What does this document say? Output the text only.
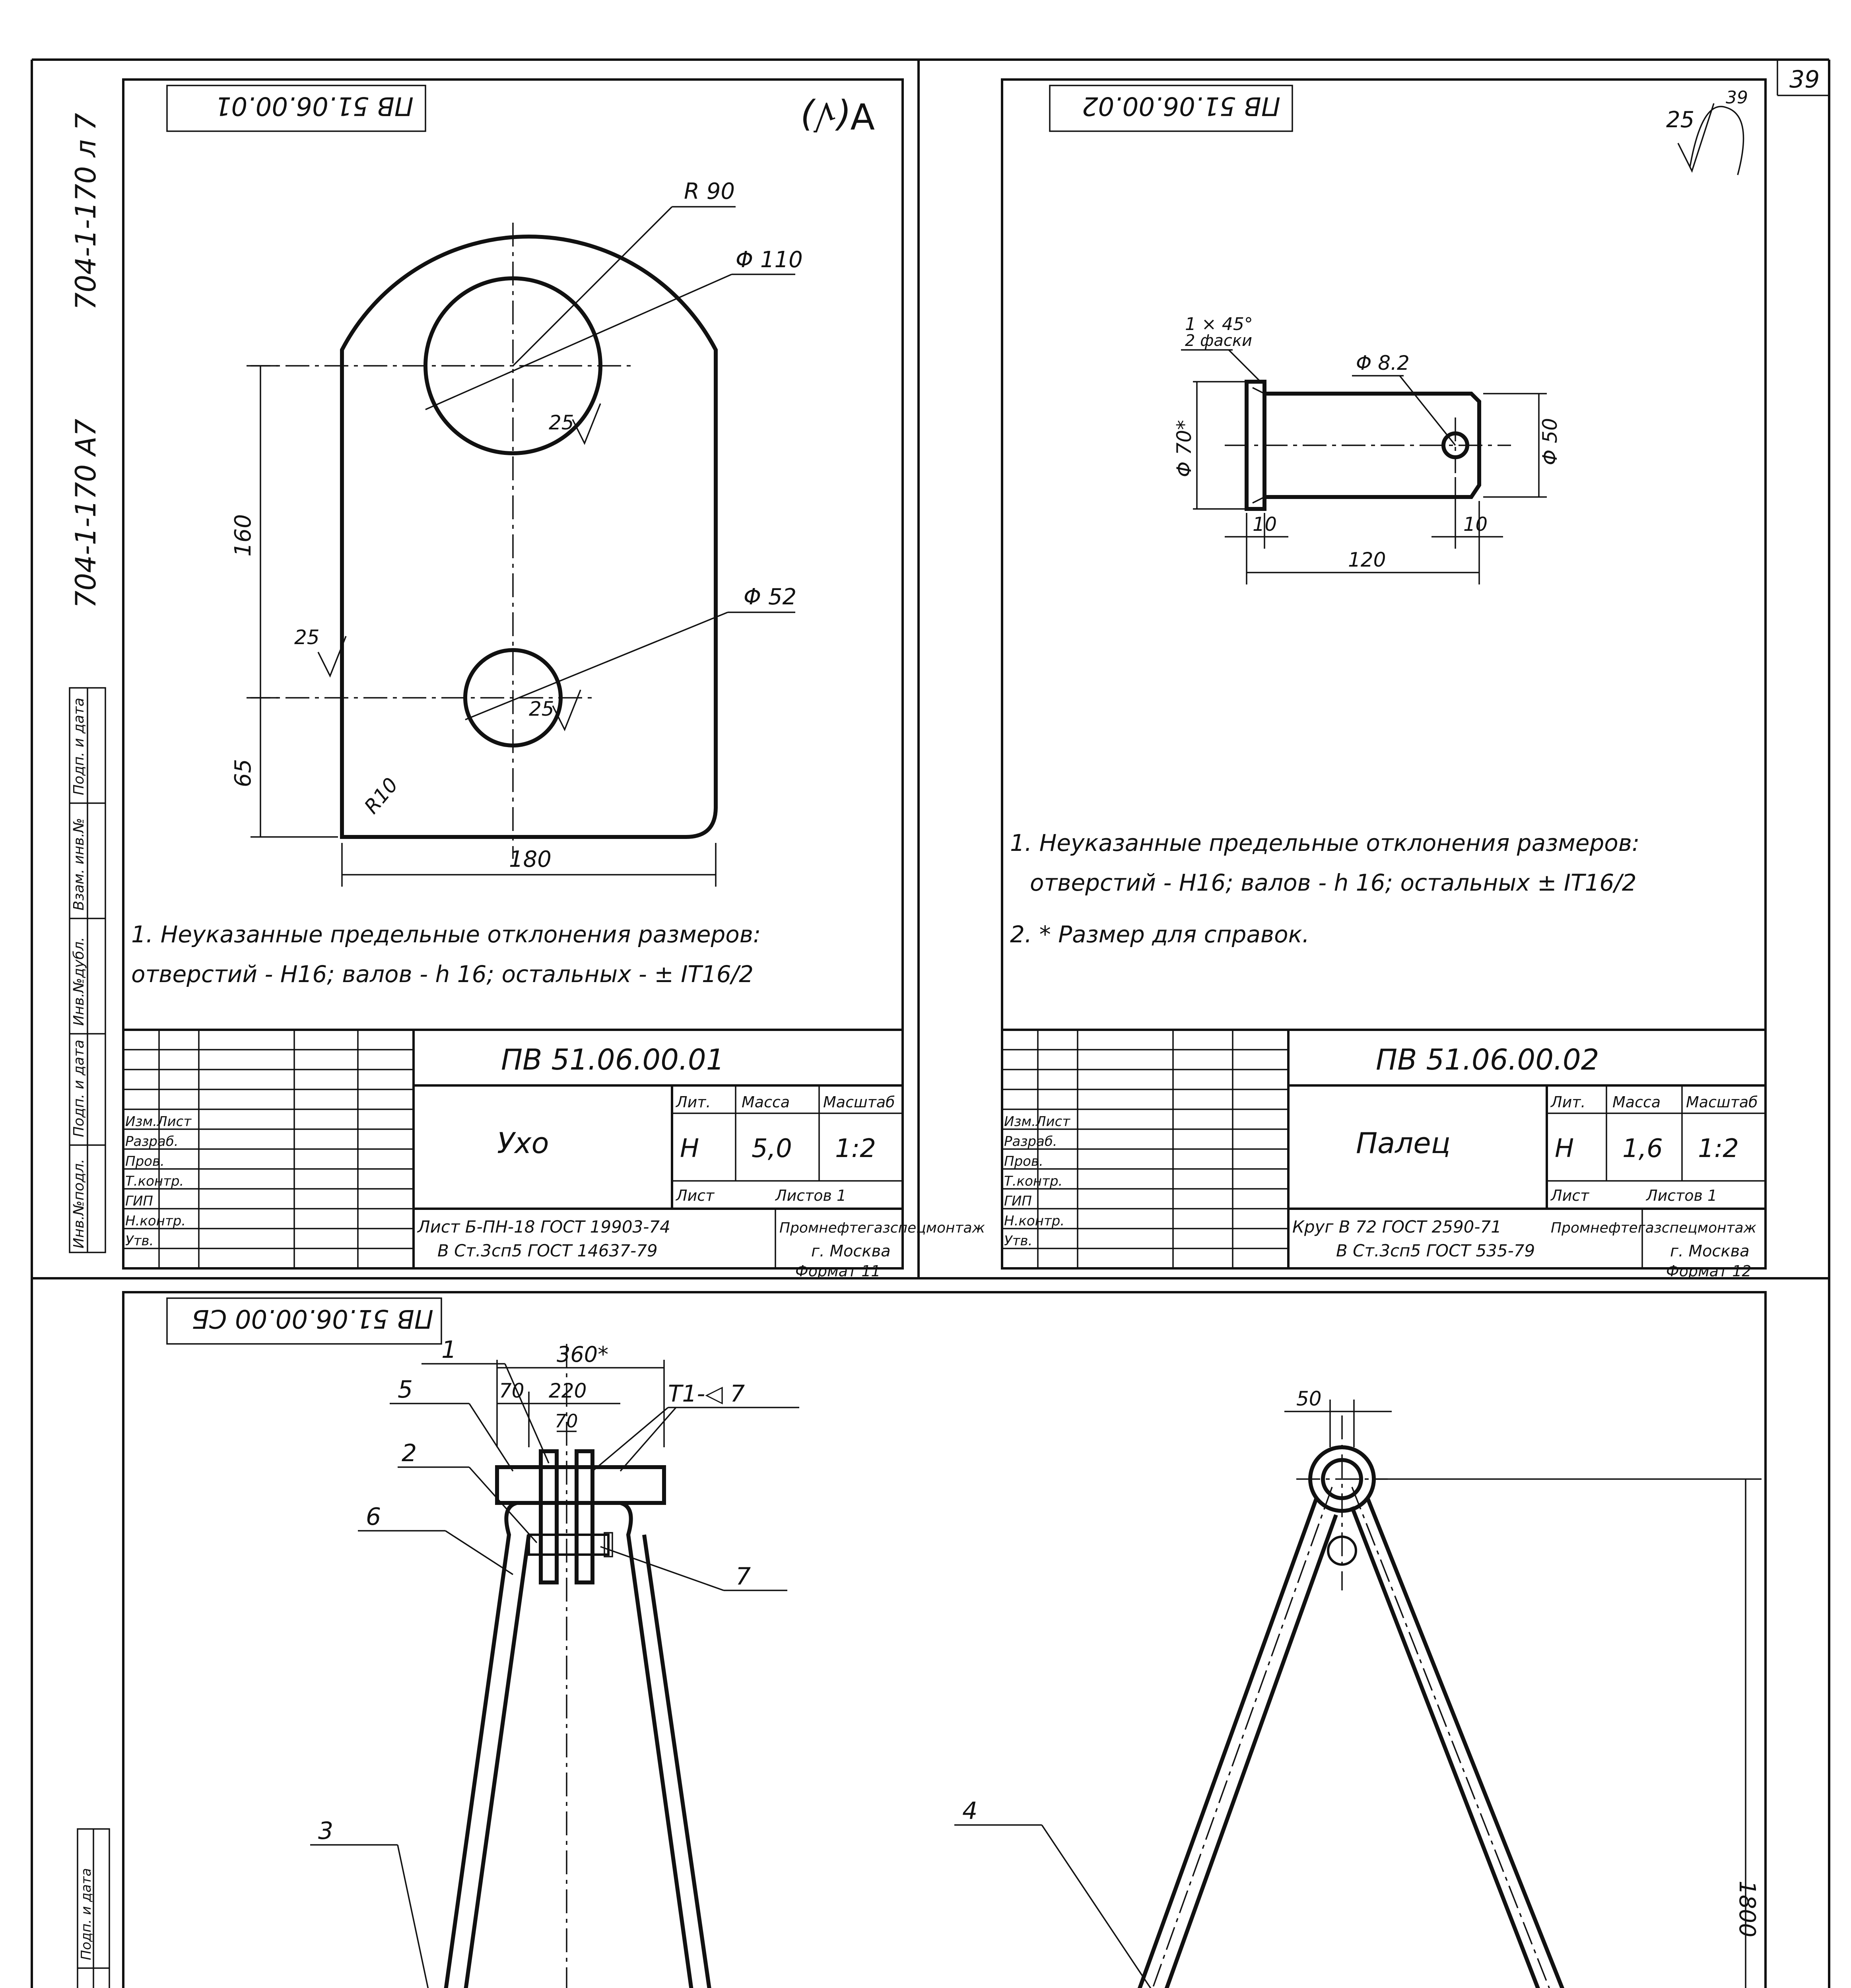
39
704-1-170 л 7
704-1-170 А7
Подп. и дата
Взам. инв.№
Инв.№дубл.
Подп. и дата
Инв.№подл.
Подп. и дата
ПВ 51.06.00.01	∀(√)
R 90
Φ 110
Φ 52
25
25
25
160
65
R10
180
1. Неуказанные предельные отклонения размеров:
отверстий - Н16; валов - h 16; остальных - ± IT16/2
Изм.Лист
Разраб.
Пров.
Т.контр.
ГИП
Н.контр.
Утв.
ПВ 51.06.00.01
Ухо
Лит. Масса Масштаб
Н 5,0 1:2
Лист	Листов 1
Лист Б-ПН-18 ГОСТ 19903-74
В Ст.3сп5 ГОСТ 14637-79
Промнефтегазспецмонтаж
г. Москва
Формат 11
ПВ 51.06.00.02	25
39
1 × 45°
2 фаски
Φ 8.2
Φ 70*	Φ 50
10	10
120
1. Неуказанные предельные отклонения размеров:
отверстий - Н16; валов - h 16; остальных ± IT16/2
2. * Размер для справок.
Изм.Лист
Разраб.
Пров.
Т.контр.
ГИП
Н.контр.
Утв.
ПВ 51.06.00.02
Палец
Лит. Масса Масштаб
Н 1,6 1:2
Лист	Листов 1
Круг В 72 ГОСТ 2590-71
В Ст.3сп5 ГОСТ 535-79
Промнефтегазспецмонтаж
г. Москва
Формат 12
ПВ 51.06.00.00 СБ
1
5
2
6
7
3
Т1-◁ 7
360*
70 220
70
4
50
1800
